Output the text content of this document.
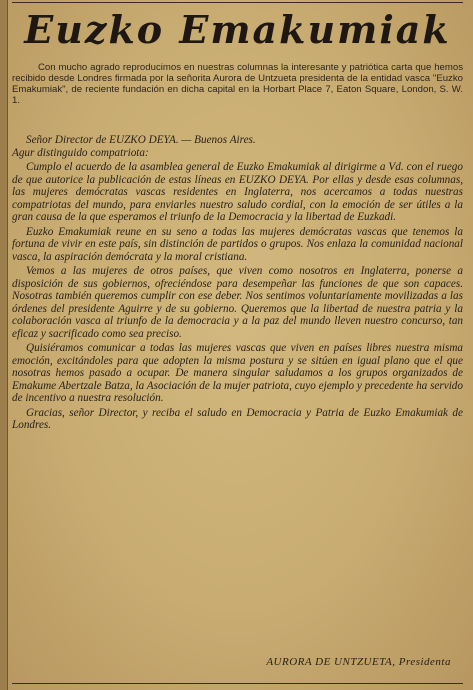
Euzko Emakumiak

Con mucho agrado reproducimos en nuestras columnas la interesante y patriótica carta que hemos recibido desde Londres firmada por la señorita Aurora de Untzueta presidenta de la entidad vasca "Euzko Emakumiak", de reciente fundación en dicha capital en la Horbart Place 7, Eaton Square, London, S. W. 1.

Señor Director de EUZKO DEYA. — Buenos Aires.

Agur distinguido compatriota:

Cumplo el acuerdo de la asamblea general de Euzko Emakumiak al dirigirme a Vd. con el ruego de que autorice la publicación de estas líneas en EUZKO DEYA. Por ellas y desde esas columnas, las mujeres demócratas vascas residentes en Inglaterra, nos acercamos a todas nuestras compatriotas del mundo, para enviarles nuestro saludo cordial, con la emoción de ser útiles a la gran causa de la que esperamos el triunfo de la Democracia y la libertad de Euzkadi.

Euzko Emakumiak reune en su seno a todas las mujeres demócratas vascas que tenemos la fortuna de vivir en este país, sin distinción de partidos o grupos. Nos enlaza la comunidad nacional vasca, la aspiración demócrata y la moral cristiana.

Vemos a las mujeres de otros países, que viven como nosotros en Inglaterra, ponerse a disposición de sus gobiernos, ofreciéndose para desempeñar las funciones de que son capaces. Nosotras también queremos cumplir con ese deber. Nos sentimos voluntariamente movilizadas a las órdenes del presidente Aguirre y de su gobierno. Queremos que la libertad de nuestra patria y la colaboración vasca al triunfo de la democracia y a la paz del mundo lleven nuestro concurso, tan eficaz y sacrificado como sea preciso.

Quisiéramos comunicar a todas las mujeres vascas que viven en países libres nuestra misma emoción, excitándoles para que adopten la misma postura y se sitúen en igual plano que el que nosotras hemos pasado a ocupar. De manera singular saludamos a los grupos organizados de Emakume Abertzale Batza, la Asociación de la mujer patriota, cuyo ejemplo y precedente ha servido de incentivo a nuestra resolución.

Gracias, señor Director, y reciba el saludo en Democracia y Patria de Euzko Emakumiak de Londres.

AURORA DE UNTZUETA, Presidenta
